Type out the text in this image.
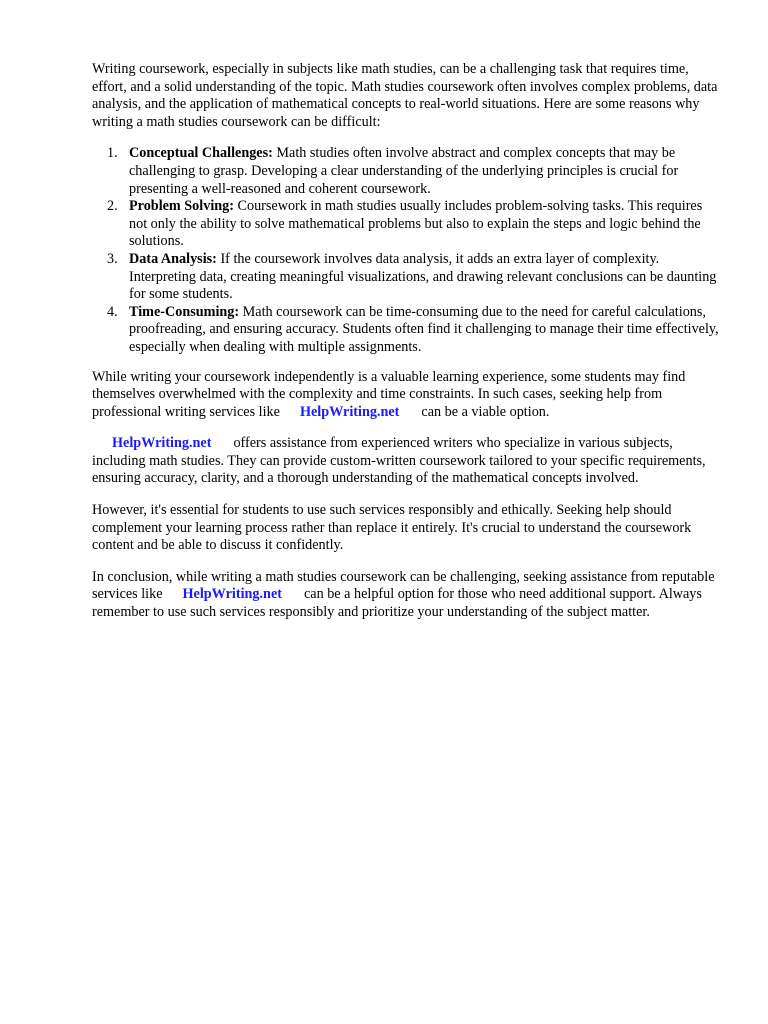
Writing coursework, especially in subjects like math studies, can be a challenging task that requires time, effort, and a solid understanding of the topic. Math studies coursework often involves complex problems, data analysis, and the application of mathematical concepts to real-world situations. Here are some reasons why writing a math studies coursework can be difficult:

1. Conceptual Challenges: Math studies often involve abstract and complex concepts that may be challenging to grasp. Developing a clear understanding of the underlying principles is crucial for presenting a well-reasoned and coherent coursework.
2. Problem Solving: Coursework in math studies usually includes problem-solving tasks. This requires not only the ability to solve mathematical problems but also to explain the steps and logic behind the solutions.
3. Data Analysis: If the coursework involves data analysis, it adds an extra layer of complexity. Interpreting data, creating meaningful visualizations, and drawing relevant conclusions can be daunting for some students.
4. Time-Consuming: Math coursework can be time-consuming due to the need for careful calculations, proofreading, and ensuring accuracy. Students often find it challenging to manage their time effectively, especially when dealing with multiple assignments.

While writing your coursework independently is a valuable learning experience, some students may find themselves overwhelmed with the complexity and time constraints. In such cases, seeking help from professional writing services like HelpWriting.net can be a viable option.

HelpWriting.net offers assistance from experienced writers who specialize in various subjects, including math studies. They can provide custom-written coursework tailored to your specific requirements, ensuring accuracy, clarity, and a thorough understanding of the mathematical concepts involved.

However, it's essential for students to use such services responsibly and ethically. Seeking help should complement your learning process rather than replace it entirely. It's crucial to understand the coursework content and be able to discuss it confidently.

In conclusion, while writing a math studies coursework can be challenging, seeking assistance from reputable services like HelpWriting.net can be a helpful option for those who need additional support. Always remember to use such services responsibly and prioritize your understanding of the subject matter.
